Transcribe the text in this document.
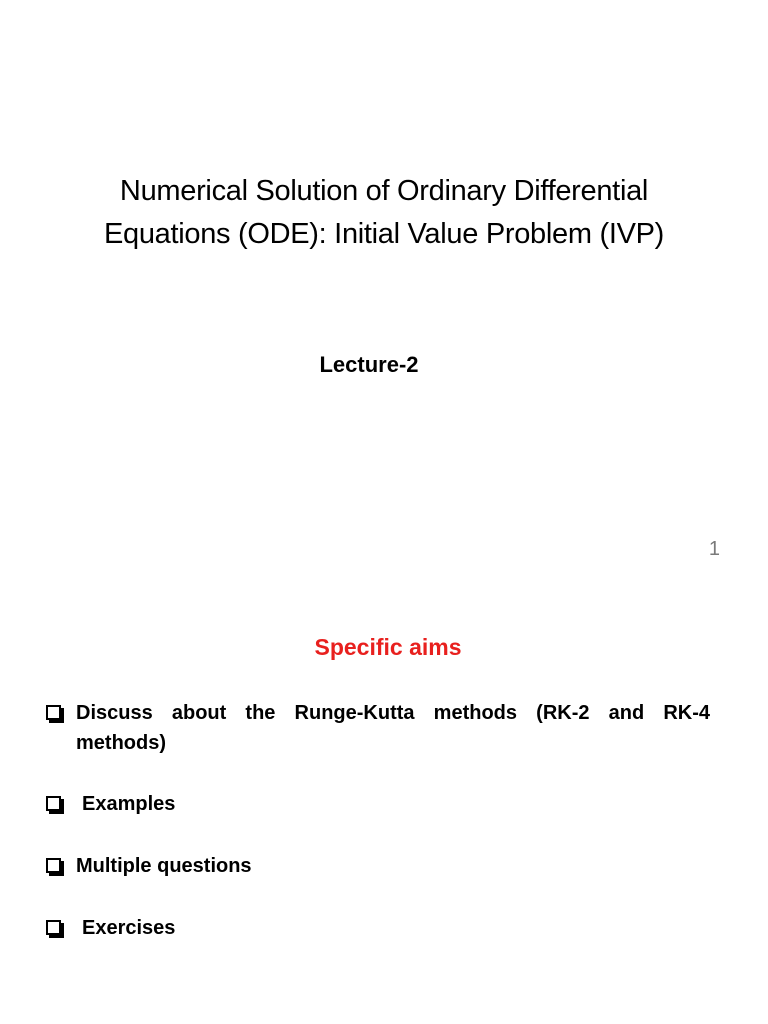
Numerical Solution of Ordinary Differential
Equations (ODE): Initial Value Problem (IVP)

Lecture-2

1
Specific aims
Discuss about the Runge-Kutta methods (RK-2 and RK-4 methods)
Examples
Multiple questions
Exercises
